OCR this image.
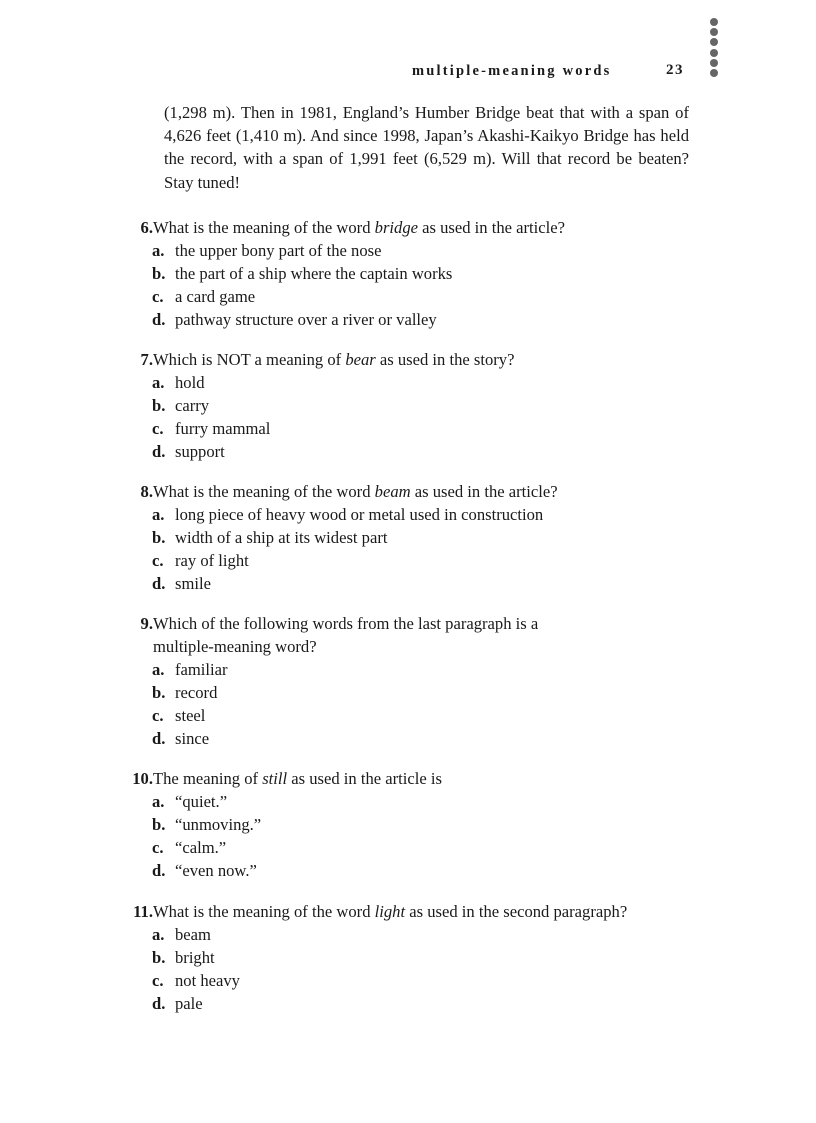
multiple-meaning words	23
(1,298 m). Then in 1981, England’s Humber Bridge beat that with a span of 4,626 feet (1,410 m). And since 1998, Japan’s Akashi-Kaikyo Bridge has held the record, with a span of 1,991 feet (6,529 m). Will that record be beaten? Stay tuned!
6. What is the meaning of the word bridge as used in the article?
a. the upper bony part of the nose
b. the part of a ship where the captain works
c. a card game
d. pathway structure over a river or valley
7. Which is NOT a meaning of bear as used in the story?
a. hold
b. carry
c. furry mammal
d. support
8. What is the meaning of the word beam as used in the article?
a. long piece of heavy wood or metal used in construction
b. width of a ship at its widest part
c. ray of light
d. smile
9. Which of the following words from the last paragraph is a
multiple-meaning word?
a. familiar
b. record
c. steel
d. since
10. The meaning of still as used in the article is
a. “quiet.”
b. “unmoving.”
c. “calm.”
d. “even now.”
11. What is the meaning of the word light as used in the second paragraph?
a. beam
b. bright
c. not heavy
d. pale
